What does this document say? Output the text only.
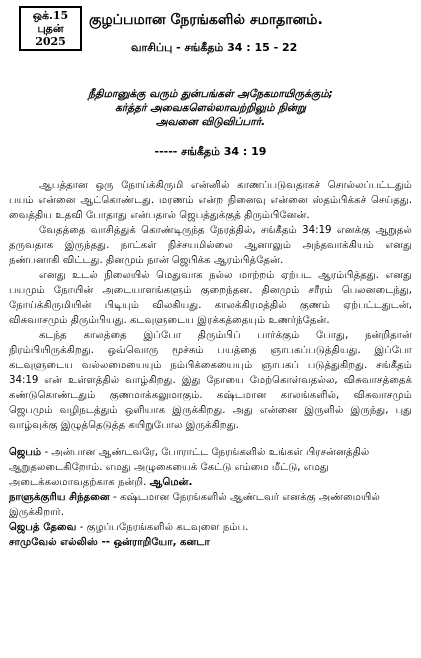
ஒக்.15
புதன்
2025
குழப்பமான நேரங்களில் சமாதானம்.
வாசிப்பு - சங்கீதம் 34 : 15 - 22
நீதிமானுக்கு வரும் துன்பங்கள் அநேகமாயிருக்கும்;
கர்த்தர் அவைகளெல்லாவற்றிலும் நின்று
அவனை விடுவிப்பார்.
----- சங்கீதம் 34 : 19

ஆபத்தான ஒரு நோய்க்கிருமி என்னில் காணப்படுவதாகச் சொல்லப்பட்டதும் பயம் என்னை ஆட்கொண்டது. மரணம் என்ற நினைவு என்னை ஸ்தம்பிக்கச் செய்தது. வைத்திய உதவி போதாது என்பதால் ஜெபத்துக்குத் திரும்பினேன்.

வேதத்தை வாசித்துக் கொண்டிருந்த நேரத்தில், சங்கீதம் 34:19 எனக்கு ஆறுதல் தருவதாக இருந்தது. நாட்கள் நிச்சயமில்லை ஆனாலும் அந்தவாக்கியம் எனது நண்பனாகி விட்டது. தினமும் நான் ஜெபிக்க ஆரம்பித்தேன்.

எனது உடல் நிலையில் மெதுவாக நல்ல மாற்றம் ஏற்பட ஆரம்பித்தது. எனது பயமும் நோயின் அடையாளங்களும் குறைந்தன. தினமும் சரீரம் பெலனடைந்து, நோய்க்கிருமியின் பிடியும் விலகியது. காலக்கிரமத்தில் குணம் ஏற்பட்டதுடன், விசுவாசமும் திரும்பியது. கடவுளுடைய இரக்கத்தையும் உணர்ந்தேன்.

கடந்த காலத்தை இப்போ திரும்பிப் பார்க்கும் போது, நன்றிதான் நிரம்பியிருக்கிறது. ஒவ்வொரு மூச்சும் பயத்தை ஞாபகப்படுத்தியது. இப்போ கடவுளுடைய வல்லமையையும் நம்பிக்கையையும் ஞாபகப் படுத்துகிறது. சங்கீதம் 34:19 என் உள்ளத்தில் வாழ்கிறது. இது நோயை மேற்கொள்வதல்ல, விசுவாசத்தைக் கண்டுகொண்டதும் குணமாக்கலுமாகும். கஷ்டமான காலங்களில், விசுவாசமும் ஜெபமும் வழிநடத்தும் ஒளியாக இருக்கிறது. அது என்னை இருளில் இருந்து, புது வாழ்வுக்கு இழுத்தெடுத்த கயிறுபோல இருக்கிறது.

ஜெபம் - அன்பான ஆண்டவரே, போராட்ட நேரங்களில் உங்கள் பிரசன்னத்தில் ஆறுதலடைகிறோம். எமது அழுகையைக் கேட்டு எம்மை மீட்டு, எமது அடைக்கலமாவதற்காக நன்றி. ஆமென்.

நாளுக்குரிய சிந்தனை - கஷ்டமான நேரங்களில் ஆண்டவர் எனக்கு அண்மையில் இருக்கிறார்.

ஜெபத் தேவை - குழப்பநேரங்களில் கடவுளை நம்ப.

சாமுவேல் எல்லிஸ் -- ஒன்ராறியோ, கனடா
